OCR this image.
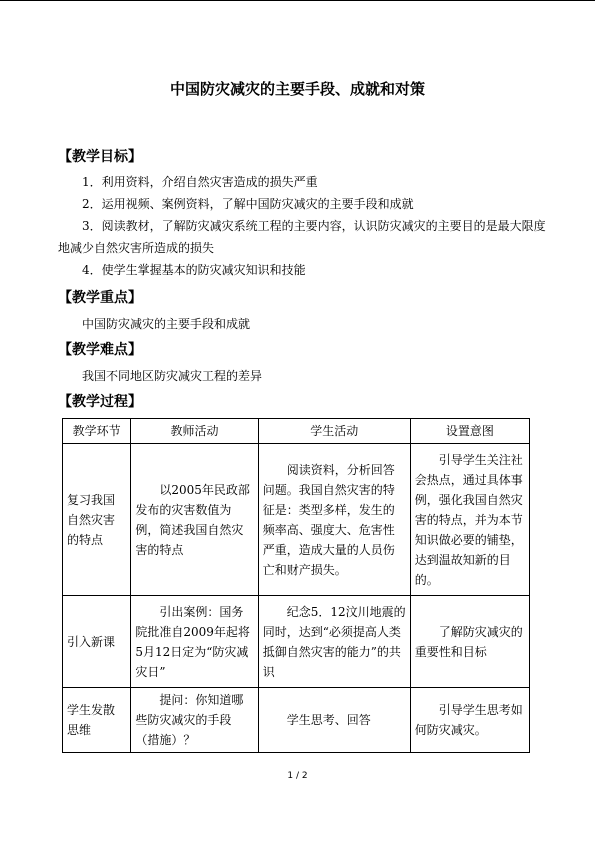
中国防灾减灾的主要手段、成就和对策
【教学目标】
1．利用资料，介绍自然灾害造成的损失严重
2．运用视频、案例资料，了解中国防灾减灾的主要手段和成就
3．阅读教材，了解防灾减灾系统工程的主要内容，认识防灾减灾的主要目的是最大限度
地减少自然灾害所造成的损失
4．使学生掌握基本的防灾减灾知识和技能
【教学重点】
中国防灾减灾的主要手段和成就
【教学难点】
我国不同地区防灾减灾工程的差异
【教学过程】
教学环节	教师活动	学生活动	设置意图
复习我国自然灾害的特点	以2005年民政部发布的灾害数值为例，简述我国自然灾害的特点	阅读资料，分析回答问题。我国自然灾害的特征是：类型多样，发生的频率高、强度大、危害性严重，造成大量的人员伤亡和财产损失。	引导学生关注社会热点，通过具体事例，强化我国自然灾害的特点，并为本节知识做必要的铺垫，达到温故知新的目的。
引入新课	引出案例：国务院批准自2009年起将5月12日定为“防灾减灾日”	纪念5．12汶川地震的同时，达到“必须提高人类抵御自然灾害的能力”的共识	了解防灾减灾的重要性和目标
学生发散思维	提问：你知道哪些防灾减灾的手段（措施）？	学生思考、回答	引导学生思考如何防灾减灾。
1 / 2
